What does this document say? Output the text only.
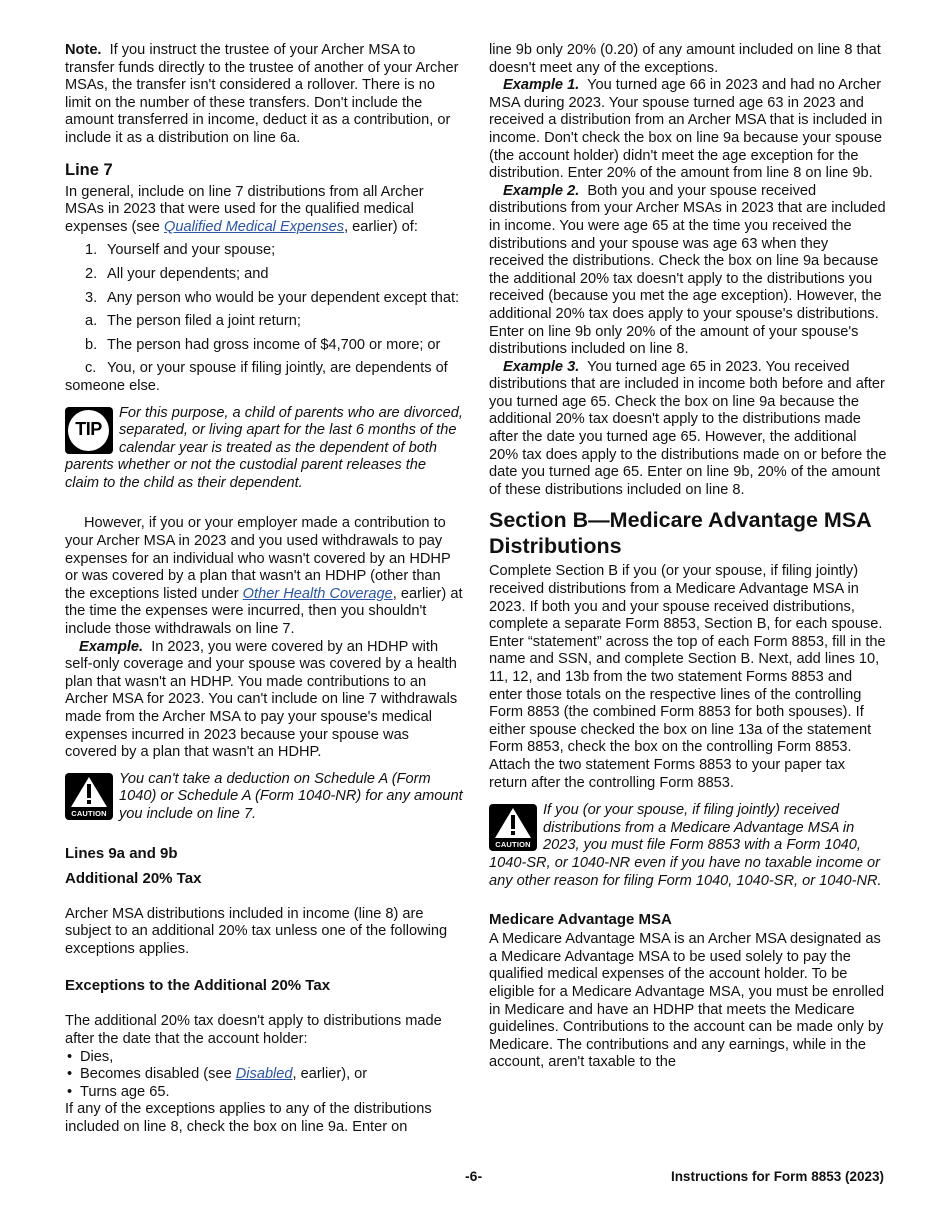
Note. If you instruct the trustee of your Archer MSA to transfer funds directly to the trustee of another of your Archer MSAs, the transfer isn't considered a rollover. There is no limit on the number of these transfers. Don't include the amount transferred in income, deduct it as a contribution, or include it as a distribution on line 6a.

Line 7

In general, include on line 7 distributions from all Archer MSAs in 2023 that were used for the qualified medical expenses (see Qualified Medical Expenses, earlier) of:

1. Yourself and your spouse;

2. All your dependents; and

3. Any person who would be your dependent except that:

a. The person filed a joint return;

b. The person had gross income of $4,700 or more; or

c. You, or your spouse if filing jointly, are dependents of someone else.

TIP
For this purpose, a child of parents who are divorced, separated, or living apart for the last 6 months of the calendar year is treated as the dependent of both parents whether or not the custodial parent releases the claim to the child as their dependent.

However, if you or your employer made a contribution to your Archer MSA in 2023 and you used withdrawals to pay expenses for an individual who wasn't covered by an HDHP or was covered by a plan that wasn't an HDHP (other than the exceptions listed under Other Health Coverage, earlier) at the time the expenses were incurred, then you shouldn't include those withdrawals on line 7.

Example. In 2023, you were covered by an HDHP with self-only coverage and your spouse was covered by a health plan that wasn't an HDHP. You made contributions to an Archer MSA for 2023. You can't include on line 7 withdrawals made from the Archer MSA to pay your spouse's medical expenses incurred in 2023 because your spouse was covered by a plan that wasn't an HDHP.

CAUTION
You can't take a deduction on Schedule A (Form 1040) or Schedule A (Form 1040-NR) for any amount you include on line 7.
Lines 9a and 9b
Additional 20% Tax

Archer MSA distributions included in income (line 8) are subject to an additional 20% tax unless one of the following exceptions applies.

Exceptions to the Additional 20% Tax

The additional 20% tax doesn't apply to distributions made after the date that the account holder:

• Dies,
• Becomes disabled (see Disabled, earlier), or
• Turns age 65.

If any of the exceptions applies to any of the distributions included on line 8, check the box on line 9a. Enter on

line 9b only 20% (0.20) of any amount included on line 8 that doesn't meet any of the exceptions.

Example 1. You turned age 66 in 2023 and had no Archer MSA during 2023. Your spouse turned age 63 in 2023 and received a distribution from an Archer MSA that is included in income. Don't check the box on line 9a because your spouse (the account holder) didn't meet the age exception for the distribution. Enter 20% of the amount from line 8 on line 9b.

Example 2. Both you and your spouse received distributions from your Archer MSAs in 2023 that are included in income. You were age 65 at the time you received the distributions and your spouse was age 63 when they received the distributions. Check the box on line 9a because the additional 20% tax doesn't apply to the distributions you received (because you met the age exception). However, the additional 20% tax does apply to your spouse's distributions. Enter on line 9b only 20% of the amount of your spouse's distributions included on line 8.

Example 3. You turned age 65 in 2023. You received distributions that are included in income both before and after you turned age 65. Check the box on line 9a because the additional 20% tax doesn't apply to the distributions made after the date you turned age 65. However, the additional 20% tax does apply to the distributions made on or before the date you turned age 65. Enter on line 9b, 20% of the amount of these distributions included on line 8.

Section B—Medicare Advantage MSA Distributions

Complete Section B if you (or your spouse, if filing jointly) received distributions from a Medicare Advantage MSA in 2023. If both you and your spouse received distributions, complete a separate Form 8853, Section B, for each spouse. Enter “statement” across the top of each Form 8853, fill in the name and SSN, and complete Section B. Next, add lines 10, 11, 12, and 13b from the two statement Forms 8853 and enter those totals on the respective lines of the controlling Form 8853 (the combined Form 8853 for both spouses). If either spouse checked the box on line 13a of the statement Form 8853, check the box on the controlling Form 8853. Attach the two statement Forms 8853 to your paper tax return after the controlling Form 8853.

CAUTION
If you (or your spouse, if filing jointly) received distributions from a Medicare Advantage MSA in 2023, you must file Form 8853 with a Form 1040, 1040-SR, or 1040-NR even if you have no taxable income or any other reason for filing Form 1040, 1040-SR, or 1040-NR.
Medicare Advantage MSA

A Medicare Advantage MSA is an Archer MSA designated as a Medicare Advantage MSA to be used solely to pay the qualified medical expenses of the account holder. To be eligible for a Medicare Advantage MSA, you must be enrolled in Medicare and have an HDHP that meets the Medicare guidelines. Contributions to the account can be made only by Medicare. The contributions and any earnings, while in the account, aren't taxable to the

-6-	Instructions for Form 8853 (2023)
